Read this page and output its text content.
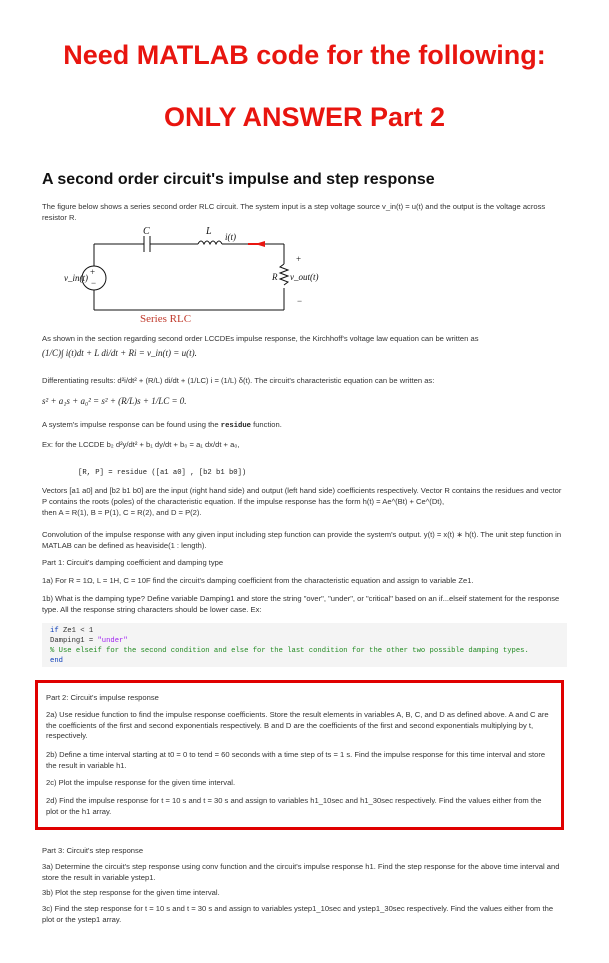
Need MATLAB code for the following:
ONLY ANSWER Part 2
A second order circuit's impulse and step response
The figure below shows a series second order RLC circuit. The system input is a step voltage source v_in(t) = u(t) and the output is the voltage across resistor R.
+
−
C	L i(t)
v_in(t)	R v_out(t)
+
−
Series RLC
As shown in the section regarding second order LCCDEs impulse response, the Kirchhoff's voltage law equation can be written as
(1/C)∫ i(t)dt + L di/dt + Ri = v_in(t) = u(t).
Differentiating results: d²i/dt² + (R/L) di/dt + (1/LC) i = (1/L) δ(t). The circuit's characteristic equation can be written as:
s² + a₁s + a₀² = s² + (R/L)s + 1/LC = 0.
A system's impulse response can be found using the residue function.
Ex: for the LCCDE b₂ d²y/dt² + b₁ dy/dt + b₀ = a₁ dx/dt + a₀,
[R, P] = residue ([a1 a0] , [b2 b1 b0])
Vectors [a1 a0] and [b2 b1 b0] are the input (right hand side) and output (left hand side) coefficients respectively. Vector R contains the residues and vector P contains the roots (poles) of the characteristic equation. If the impulse response has the form h(t) = Ae^(Bt) + Ce^(Dt),
then A = R(1), B = P(1), C = R(2), and D = P(2).
Convolution of the impulse response with any given input including step function can provide the system's output. y(t) = x(t) ∗ h(t). The unit step function in MATLAB can be defined as heaviside(1 : length).
Part 1: Circuit's damping coefficient and damping type
1a) For R = 1Ω, L = 1H, C = 10F find the circuit's damping coefficient from the characteristic equation and assign to variable Ze1.
1b) What is the damping type? Define variable Damping1 and store the string "over", "under", or "critical" based on an if...elseif statement for the response type. All the response string characters should be lower case. Ex:
if Ze1 < 1
Damping1 = "under"
% Use elseif for the second condition and else for the last condition for the other two possible damping types.
end
Part 2: Circuit's impulse response
2a) Use residue function to find the impulse response coefficients. Store the result elements in variables A, B, C, and D as defined above. A and C are the coefficients of the first and second exponentials respectively. B and D are the coefficients of the first and second exponentials multiplying by t, respectively.
2b) Define a time interval starting at t0 = 0 to tend = 60 seconds with a time step of ts = 1 s. Find the impulse response for this time interval and store the result in variable h1.
2c) Plot the impulse response for the given time interval.
2d) Find the impulse response for t = 10 s and t = 30 s and assign to variables h1_10sec and h1_30sec respectively. Find the values either from the plot or the h1 array.
Part 3: Circuit's step response
3a) Determine the circuit's step response using conv function and the circuit's impulse response h1. Find the step response for the above time interval and store the result in variable ystep1.
3b) Plot the step response for the given time interval.
3c) Find the step response for t = 10 s and t = 30 s and assign to variables ystep1_10sec and ystep1_30sec respectively. Find the values either from the plot or the ystep1 array.
